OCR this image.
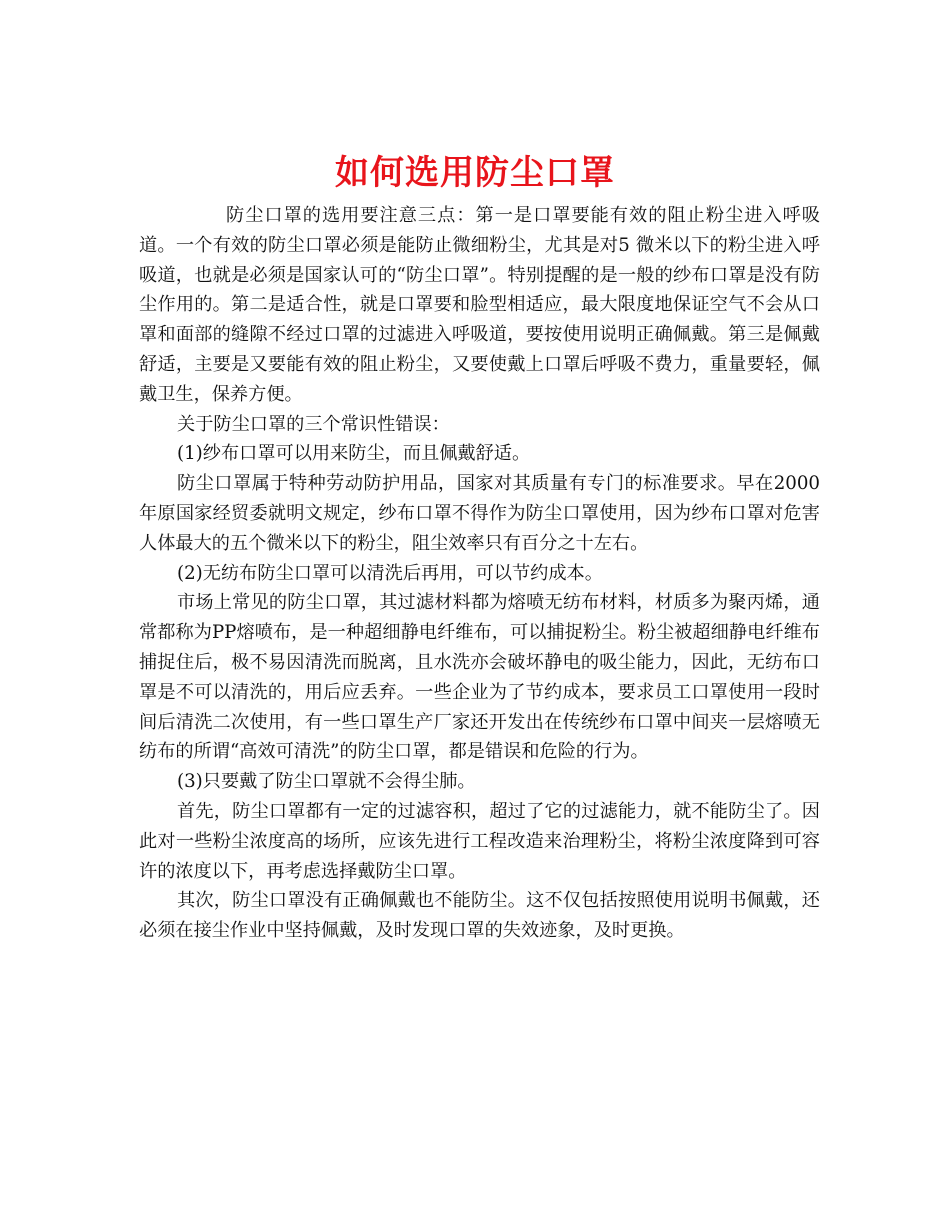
如何选用防尘口罩

防尘口罩的选用要注意三点：第一是口罩要能有效的阻止粉尘进入呼吸道。一个有效的防尘口罩必须是能防止微细粉尘，尤其是对5 微米以下的粉尘进入呼吸道，也就是必须是国家认可的“防尘口罩”。特别提醒的是一般的纱布口罩是没有防尘作用的。第二是适合性，就是口罩要和脸型相适应，最大限度地保证空气不会从口罩和面部的缝隙不经过口罩的过滤进入呼吸道，要按使用说明正确佩戴。第三是佩戴舒适，主要是又要能有效的阻止粉尘，又要使戴上口罩后呼吸不费力，重量要轻，佩戴卫生，保养方便。

关于防尘口罩的三个常识性错误：

(1)纱布口罩可以用来防尘，而且佩戴舒适。

防尘口罩属于特种劳动防护用品，国家对其质量有专门的标准要求。早在2000年原国家经贸委就明文规定，纱布口罩不得作为防尘口罩使用，因为纱布口罩对危害人体最大的五个微米以下的粉尘，阻尘效率只有百分之十左右。

(2)无纺布防尘口罩可以清洗后再用，可以节约成本。

市场上常见的防尘口罩，其过滤材料都为熔喷无纺布材料，材质多为聚丙烯，通常都称为PP熔喷布，是一种超细静电纤维布，可以捕捉粉尘。粉尘被超细静电纤维布捕捉住后，极不易因清洗而脱离，且水洗亦会破坏静电的吸尘能力，因此，无纺布口罩是不可以清洗的，用后应丢弃。一些企业为了节约成本，要求员工口罩使用一段时间后清洗二次使用，有一些口罩生产厂家还开发出在传统纱布口罩中间夹一层熔喷无纺布的所谓“高效可清洗”的防尘口罩，都是错误和危险的行为。

(3)只要戴了防尘口罩就不会得尘肺。

首先，防尘口罩都有一定的过滤容积，超过了它的过滤能力，就不能防尘了。因此对一些粉尘浓度高的场所，应该先进行工程改造来治理粉尘，将粉尘浓度降到可容许的浓度以下，再考虑选择戴防尘口罩。

其次，防尘口罩没有正确佩戴也不能防尘。这不仅包括按照使用说明书佩戴，还必须在接尘作业中坚持佩戴，及时发现口罩的失效迹象，及时更换。
